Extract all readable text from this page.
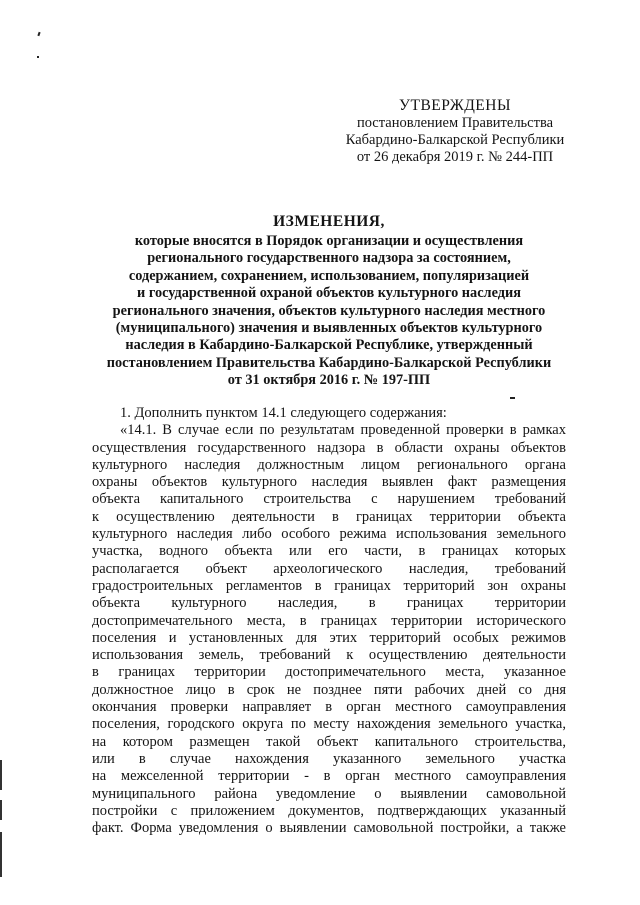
УТВЕРЖДЕНЫ
постановлением Правительства
Кабардино-Балкарской Республики
от 26 декабря 2019 г. № 244-ПП
ИЗМЕНЕНИЯ,
которые вносятся в Порядок организации и осуществления
регионального государственного надзора за состоянием,
содержанием, сохранением, использованием, популяризацией
и государственной охраной объектов культурного наследия
регионального значения, объектов культурного наследия местного
(муниципального) значения и выявленных объектов культурного
наследия в Кабардино-Балкарской Республике, утвержденный
постановлением Правительства Кабардино-Балкарской Республики
от 31 октября 2016 г. № 197-ПП
1. Дополнить пунктом 14.1 следующего содержания:
«14.1. В случае если по результатам проведенной проверки в рамках
осуществления государственного надзора в области охраны объектов
культурного наследия должностным лицом регионального органа
охраны объектов культурного наследия выявлен факт размещения
объекта капитального строительства с нарушением требований
к осуществлению деятельности в границах территории объекта
культурного наследия либо особого режима использования земельного
участка, водного объекта или его части, в границах которых
располагается объект археологического наследия, требований
градостроительных регламентов в границах территорий зон охраны
объекта культурного наследия, в границах территории
достопримечательного места, в границах территории исторического
поселения и установленных для этих территорий особых режимов
использования земель, требований к осуществлению деятельности
в границах территории достопримечательного места, указанное
должностное лицо в срок не позднее пяти рабочих дней со дня
окончания проверки направляет в орган местного самоуправления
поселения, городского округа по месту нахождения земельного участка,
на котором размещен такой объект капитального строительства,
или в случае нахождения указанного земельного участка
на межселенной территории - в орган местного самоуправления
муниципального района уведомление о выявлении самовольной
постройки с приложением документов, подтверждающих указанный
факт. Форма уведомления о выявлении самовольной постройки, а также
